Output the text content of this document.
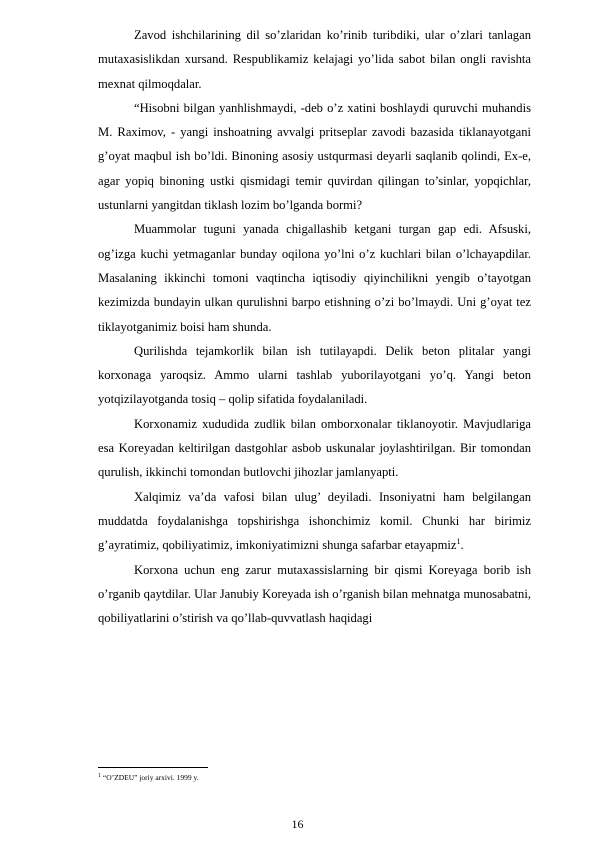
Zavod ishchilarining dil so’zlaridan ko’rinib turibdiki, ular o’zlari tanlagan mutaxasislikdan xursand. Respublikamiz kelajagi yo’lida sabot bilan ongli ravishta mexnat qilmoqdalar.

“Hisobni bilgan yanhlishmaydi, -deb o’z xatini boshlaydi quruvchi muhandis M. Raximov, - yangi inshoatning avvalgi pritseplar zavodi bazasida tiklanayotgani g’oyat maqbul ish bo’ldi. Binoning asosiy ustqurmasi deyarli saqlanib qolindi, Ex-e, agar yopiq binoning ustki qismidagi temir quvirdan qilingan to’sinlar, yopqichlar, ustunlarni yangitdan tiklash lozim bo’lganda bormi?

Muammolar tuguni yanada chigallashib ketgani turgan gap edi. Afsuski, og’izga kuchi yetmaganlar bunday oqilona yo’lni o’z kuchlari bilan o’lchayapdilar. Masalaning ikkinchi tomoni vaqtincha iqtisodiy qiyinchilikni yengib o’tayotgan kezimizda bundayin ulkan qurulishni barpo etishning o’zi bo’lmaydi. Uni g’oyat tez tiklayotganimiz boisi ham shunda.

Qurilishda tejamkorlik bilan ish tutilayapdi. Delik beton plitalar yangi korxonaga yaroqsiz. Ammo ularni tashlab yuborilayotgani yo’q. Yangi beton yotqizilayotganda tosiq – qolip sifatida foydalaniladi.

Korxonamiz xududida zudlik bilan omborxonalar tiklanoyotir. Mavjudlariga esa Koreyadan keltirilgan dastgohlar asbob uskunalar joylashtirilgan. Bir tomondan qurulish, ikkinchi tomondan butlovchi jihozlar jamlanyapti.

Xalqimiz va’da vafosi bilan ulug’ deyiladi. Insoniyatni ham belgilangan muddatda foydalanishga topshirishga ishonchimiz komil. Chunki har birimiz g’ayratimiz, qobiliyatimiz, imkoniyatimizni shunga safarbar etayapmiz$^1$.

Korxona uchun eng zarur mutaxassislarning bir qismi Koreyaga borib ish o’rganib qaytdilar. Ular Janubiy Koreyada ish o’rganish bilan mehnatga munosabatni, qobiliyatlarini o’stirish va qo’llab-quvvatlash haqidagi

$^1$ “O’ZDEU” joriy arxivi. 1999 y.
16
